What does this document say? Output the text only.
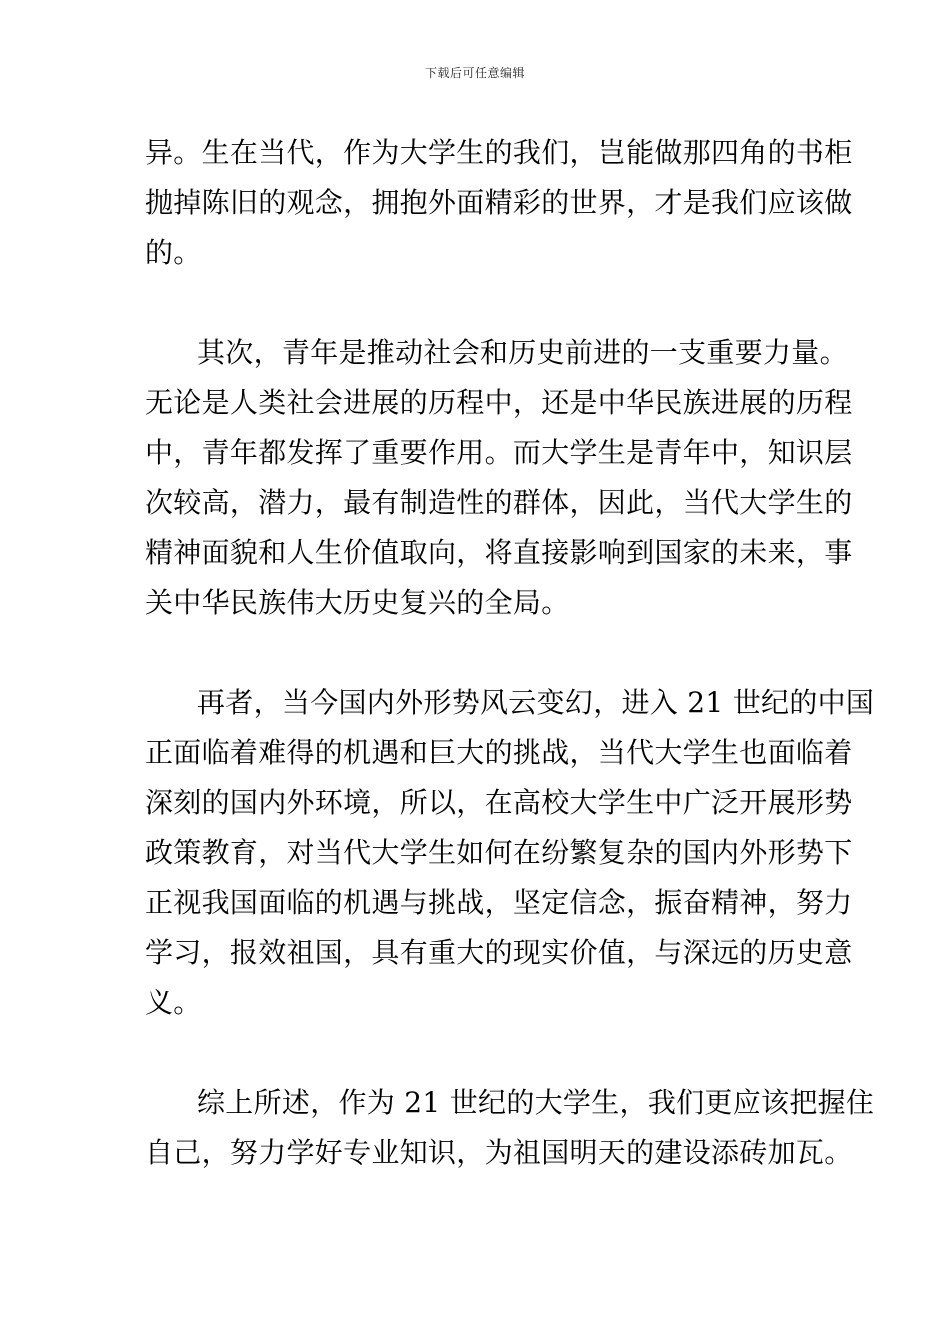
下载后可任意编辑
异。生在当代，作为大学生的我们，岂能做那四角的书柜
抛掉陈旧的观念，拥抱外面精彩的世界，才是我们应该做
的。
其次，青年是推动社会和历史前进的一支重要力量。
无论是人类社会进展的历程中，还是中华民族进展的历程
中，青年都发挥了重要作用。而大学生是青年中，知识层
次较高，潜力，最有制造性的群体，因此，当代大学生的
精神面貌和人生价值取向，将直接影响到国家的未来，事
关中华民族伟大历史复兴的全局。
再者，当今国内外形势风云变幻，进入 21 世纪的中国
正面临着难得的机遇和巨大的挑战，当代大学生也面临着
深刻的国内外环境，所以，在高校大学生中广泛开展形势
政策教育，对当代大学生如何在纷繁复杂的国内外形势下
正视我国面临的机遇与挑战，坚定信念，振奋精神，努力
学习，报效祖国，具有重大的现实价值，与深远的历史意
义。
综上所述，作为 21 世纪的大学生，我们更应该把握住
自己，努力学好专业知识，为祖国明天的建设添砖加瓦。
